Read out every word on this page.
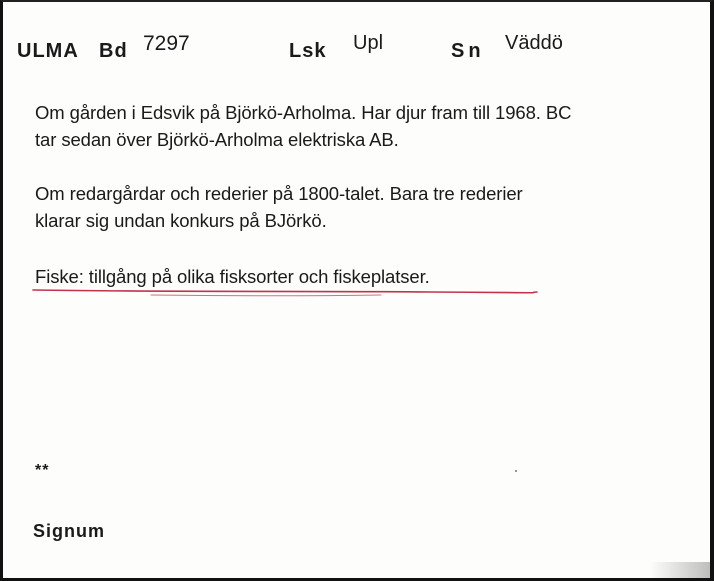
ULMA Bd 7297	Lsk Upl	Sn Väddö
Om gården i Edsvik på Björkö-Arholma. Har djur fram till 1968. BC
tar sedan över Björkö-Arholma elektriska AB.
Om redargårdar och rederier på 1800-talet. Bara tre rederier
klarar sig undan konkurs på BJörkö.
Fiske: tillgång på olika fisksorter och fiskeplatser.
**
Signum
